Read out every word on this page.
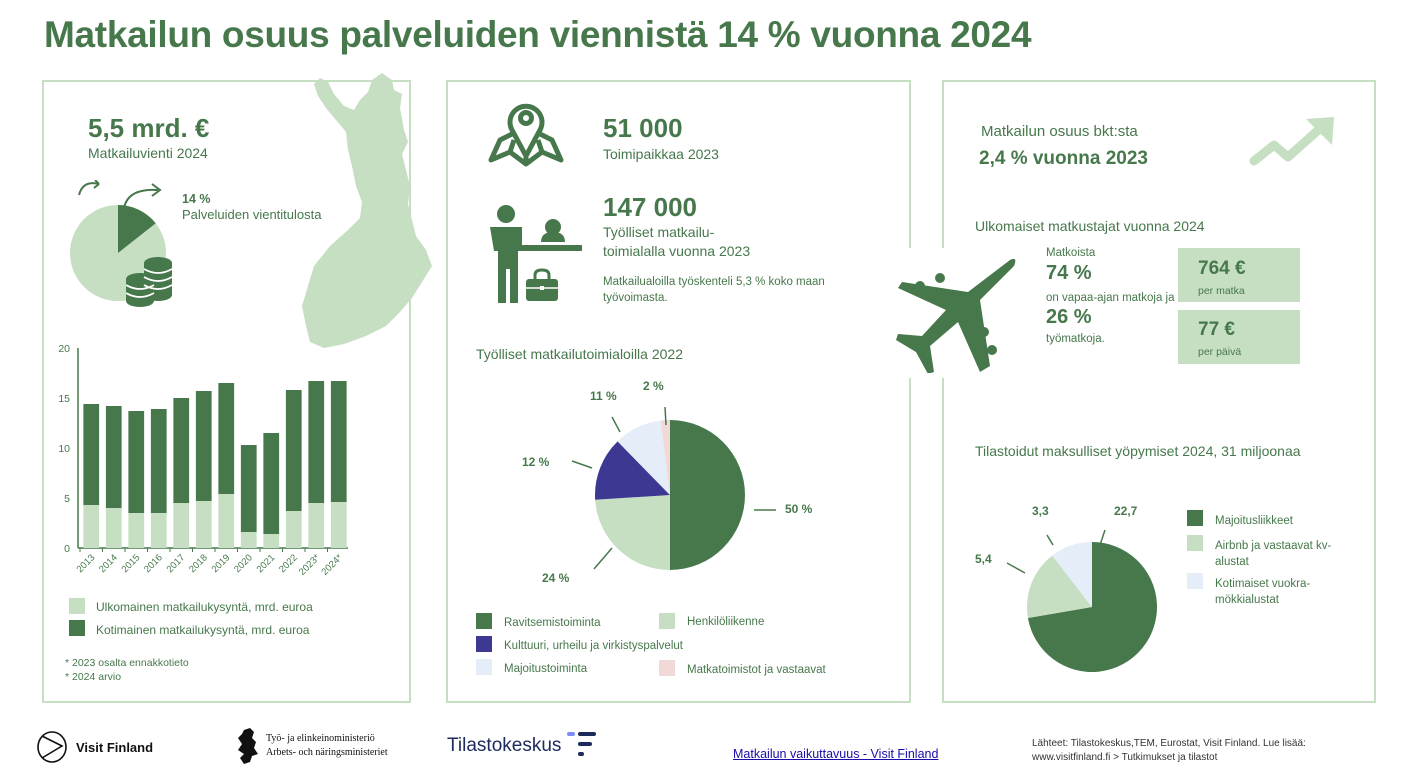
Matkailun osuus palveluiden viennistä 14 % vuonna 2024
5,5 mrd. €
Matkailuvienti 2024
14 %
Palveluiden vientitulosta
0
5
10
15
20
2013 2014 2015 2016 2017 2018 2019 2020 2021 2022
2023*
2024*
Ulkomainen matkailukysyntä, mrd. euroa
Kotimainen matkailukysyntä, mrd. euroa
* 2023 osalta ennakkotieto
* 2024 arvio
51 000
Toimipaikkaa 2023
147 000
Työlliset matkailu-
toimialalla vuonna 2023
Matkailualoilla työskenteli 5,3 % koko maan
työvoimasta.
Työlliset matkailutoimialoilla 2022
50 %
24 %
12 %
11 %
2 %
Ravitsemistoiminta	Henkilöliikenne
Kulttuuri, urheilu ja virkistyspalvelut
Majoitustoiminta	Matkatoimistot ja vastaavat
Matkailun osuus bkt:sta
2,4 % vuonna 2023
Ulkomaiset matkustajat vuonna 2024
Matkoista
74 %
on vapaa-ajan matkoja ja
26 %
työmatkoja.
764 €
per matka
77 €
per päivä
Tilastoidut maksulliset yöpymiset 2024, 31 miljoonaa
22,7
3,3
5,4
Majoitusliikkeet
Airbnb ja vastaavat kv-
alustat
Kotimaiset vuokra-
mökkialustat
Visit Finland
Työ- ja elinkeinoministeriö
Arbets- och näringsministeriet	Tilastokeskus	Matkailun vaikuttavuus - Visit Finland
Lähteet: Tilastokeskus,TEM, Eurostat, Visit Finland. Lue lisää:
www.visitfinland.fi > Tutkimukset ja tilastot
